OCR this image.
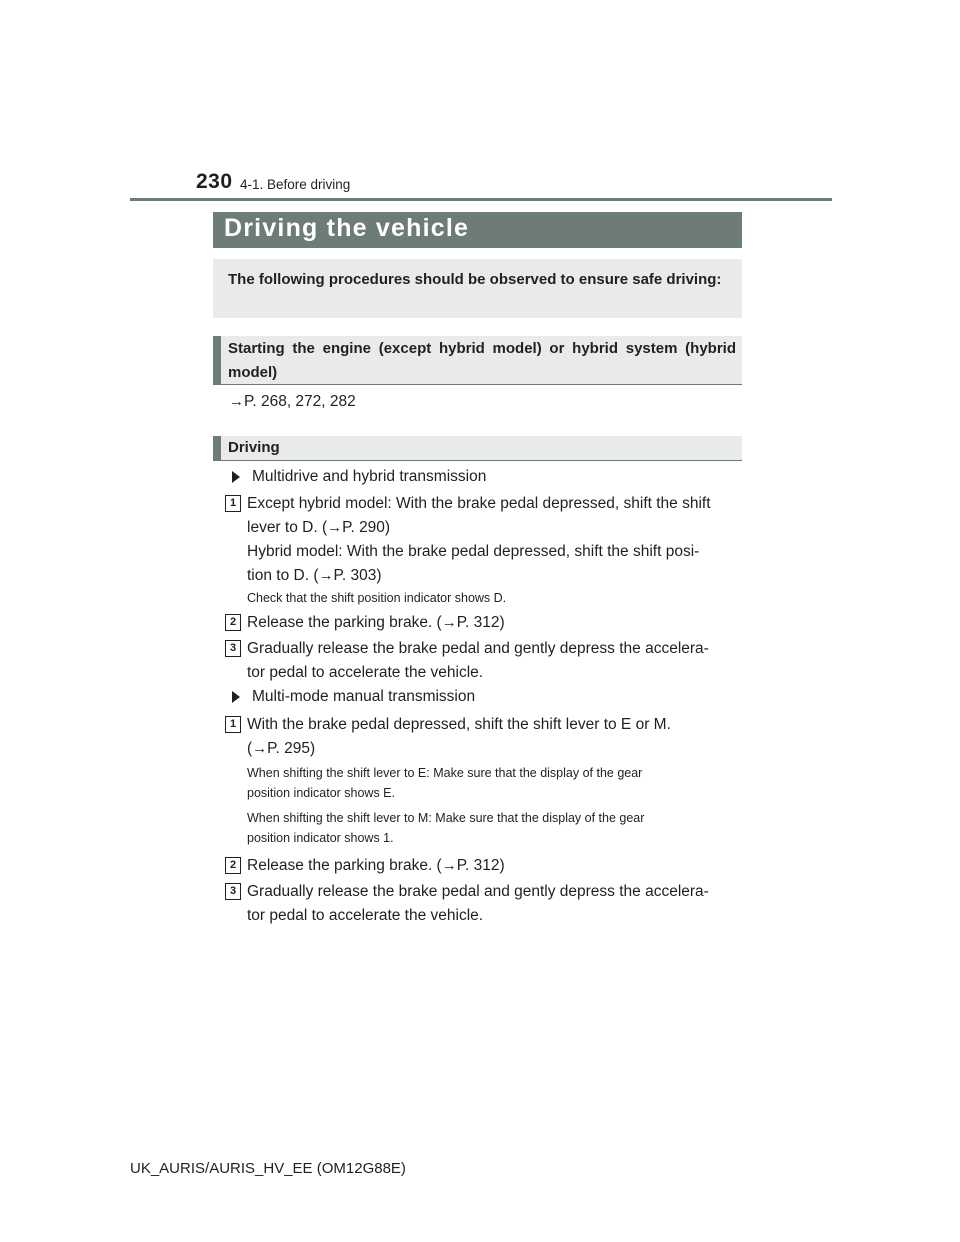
230 4-1. Before driving
Driving the vehicle

The following procedures should be observed to ensure safe driving:

Starting the engine (except hybrid model) or hybrid system (hybrid model)
→P. 268, 272, 282
Driving
Multidrive and hybrid transmission
1 Except hybrid model: With the brake pedal depressed, shift the shift
lever to D. (→P. 290)
Hybrid model: With the brake pedal depressed, shift the shift posi-
tion to D. (→P. 303)
Check that the shift position indicator shows D.
2 Release the parking brake. (→P. 312)
3 Gradually release the brake pedal and gently depress the accelera-
tor pedal to accelerate the vehicle.
Multi-mode manual transmission
1 With the brake pedal depressed, shift the shift lever to E or M.
(→P. 295)
When shifting the shift lever to E: Make sure that the display of the gear
position indicator shows E.
When shifting the shift lever to M: Make sure that the display of the gear
position indicator shows 1.
2 Release the parking brake. (→P. 312)
3 Gradually release the brake pedal and gently depress the accelera-
tor pedal to accelerate the vehicle.
UK_AURIS/AURIS_HV_EE (OM12G88E)
